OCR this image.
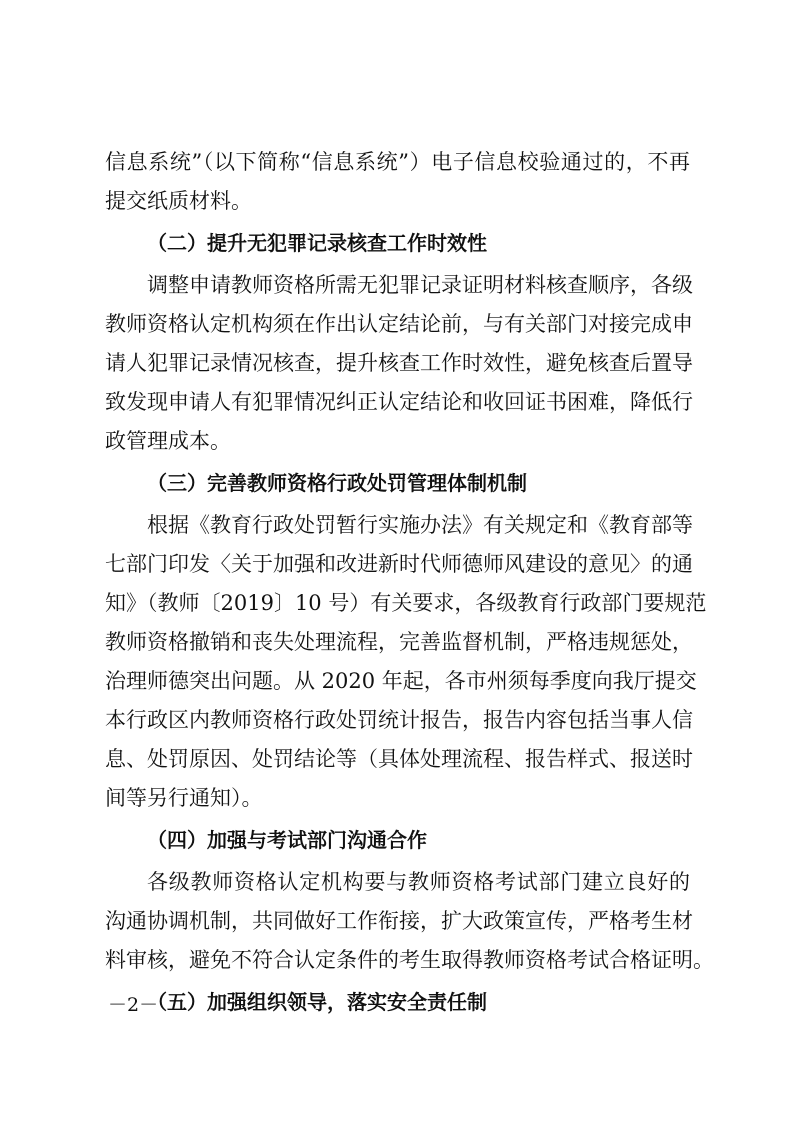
信息系统”（以下简称“信息系统”）电子信息校验通过的，不再
提交纸质材料。
（二）提升无犯罪记录核查工作时效性
调整申请教师资格所需无犯罪记录证明材料核查顺序，各级
教师资格认定机构须在作出认定结论前，与有关部门对接完成申
请人犯罪记录情况核查，提升核查工作时效性，避免核查后置导
致发现申请人有犯罪情况纠正认定结论和收回证书困难，降低行
政管理成本。
（三）完善教师资格行政处罚管理体制机制
根据《教育行政处罚暂行实施办法》有关规定和《教育部等
七部门印发〈关于加强和改进新时代师德师风建设的意见〉的通
知》（教师〔2019〕10 号）有关要求，各级教育行政部门要规范
教师资格撤销和丧失处理流程，完善监督机制，严格违规惩处，
治理师德突出问题。从 2020 年起，各市州须每季度向我厅提交
本行政区内教师资格行政处罚统计报告，报告内容包括当事人信
息、处罚原因、处罚结论等（具体处理流程、报告样式、报送时
间等另行通知）。
（四）加强与考试部门沟通合作
各级教师资格认定机构要与教师资格考试部门建立良好的
沟通协调机制，共同做好工作衔接，扩大政策宣传，严格考生材
料审核，避免不符合认定条件的考生取得教师资格考试合格证明。
（五）加强组织领导，落实安全责任制
－2－
